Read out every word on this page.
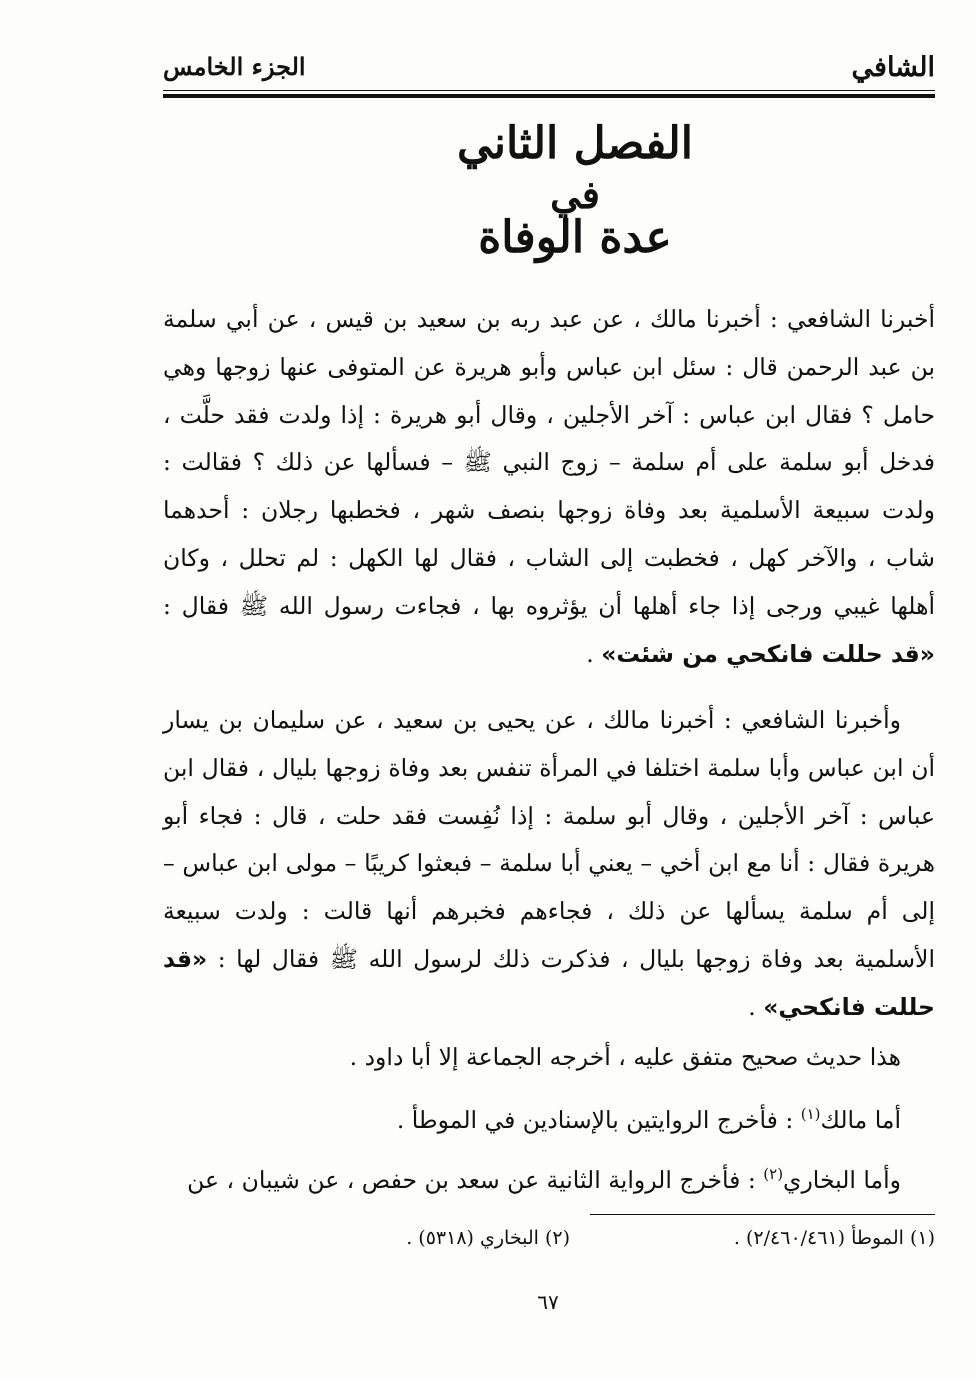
الشافي
الجزء الخامس
الفصل الثاني
في
عدة الوفاة
أخبرنا الشافعي : أخبرنا مالك ، عن عبد ربه بن سعيد بن قيس ، عن أبي سلمة بن عبد الرحمن قال : سئل ابن عباس وأبو هريرة عن المتوفى عنها زوجها وهي حامل ؟ فقال ابن عباس : آخر الأجلين ، وقال أبو هريرة : إذا ولدت فقد حلَّت ، فدخل أبو سلمة على أم سلمة – زوج النبي ﷺ – فسألها عن ذلك ؟ فقالت : ولدت سبيعة الأسلمية بعد وفاة زوجها بنصف شهر ، فخطبها رجلان : أحدهما شاب ، والآخر كهل ، فخطبت إلى الشاب ، فقال لها الكهل : لم تحلل ، وكان أهلها غيبي ورجى إذا جاء أهلها أن يؤثروه بها ، فجاءت رسول الله ﷺ فقال : «قد حللت فانكحي من شئت» .
وأخبرنا الشافعي : أخبرنا مالك ، عن يحيى بن سعيد ، عن سليمان بن يسار أن ابن عباس وأبا سلمة اختلفا في المرأة تنفس بعد وفاة زوجها بليال ، فقال ابن عباس : آخر الأجلين ، وقال أبو سلمة : إذا نُفِست فقد حلت ، قال : فجاء أبو هريرة فقال : أنا مع ابن أخي – يعني أبا سلمة – فبعثوا كريبًا – مولى ابن عباس – إلى أم سلمة يسألها عن ذلك ، فجاءهم فخبرهم أنها قالت : ولدت سبيعة الأسلمية بعد وفاة زوجها بليال ، فذكرت ذلك لرسول الله ﷺ فقال لها : «قد حللت فانكحي» .
هذا حديث صحيح متفق عليه ، أخرجه الجماعة إلا أبا داود .
أما مالك$^{(١)}$ : فأخرج الروايتين بالإسنادين في الموطأ .
وأما البخاري$^{(٢)}$ : فأخرج الرواية الثانية عن سعد بن حفص ، عن شيبان ، عن
(١) الموطأ (٢/٤٦٠/٤٦١) .
(٢) البخاري (٥٣١٨) .
٦٧
